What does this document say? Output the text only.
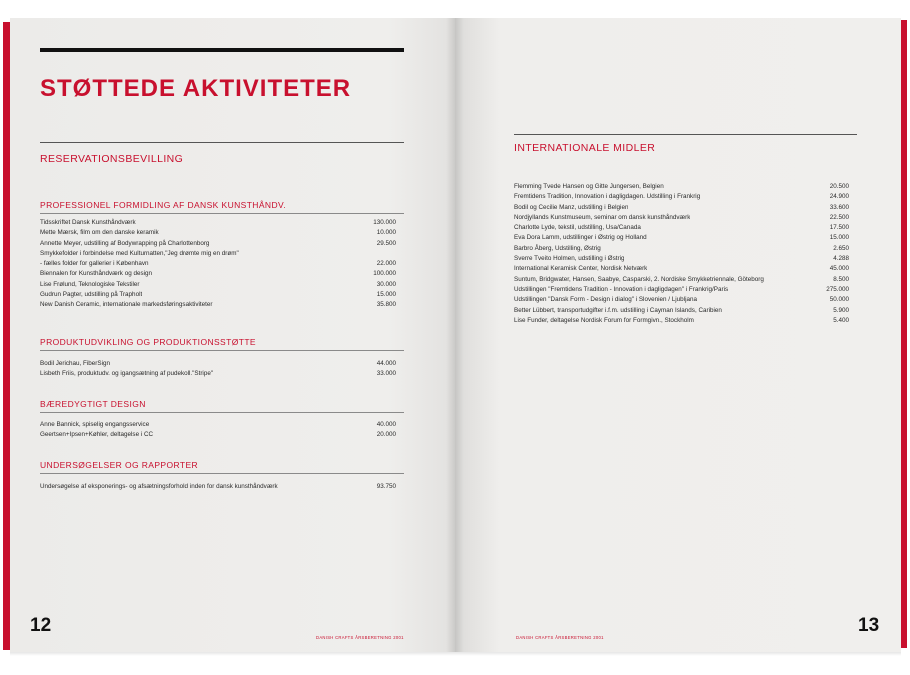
STØTTEDE AKTIVITETER
RESERVATIONSBEVILLING
PROFESSIONEL FORMIDLING AF DANSK KUNSTHÅNDV.
Tidsskriftet Dansk Kunsthåndværk	130.000
Mette Mærsk, film om den danske keramik	10.000
Annette Meyer, udstilling af Bodywrapping på Charlottenborg	29.500
Smykkefolder i forbindelse med Kulturnatten,"Jeg drømte mig en drøm"
- fælles folder for gallerier i København	22.000
Biennalen for Kunsthåndværk og design	100.000
Lise Frølund, Teknologiske Tekstiler	30.000
Gudrun Pagter, udstilling på Trapholt	15.000
New Danish Ceramic, internationale markedsføringsaktiviteter	35.800
PRODUKTUDVIKLING OG PRODUKTIONSSTØTTE
Bodil Jerichau, FiberSign	44.000
Lisbeth Friis, produktudv. og igangsætning af pudekoll."Stripe"	33.000
BÆREDYGTIGT DESIGN
Anne Bannick, spiselig engangsservice	40.000
Geertsen+Ipsen+Køhler, deltagelse i CC	20.000
UNDERSØGELSER OG RAPPORTER
Undersøgelse af eksponerings- og afsætningsforhold inden for dansk kunsthåndværk	93.750
12
DANISH CRAFTS ÅRSBERETNING 2001
INTERNATIONALE MIDLER
Flemming Tvede Hansen og Gitte Jungersen, Belgien	20.500
Fremtidens Tradition, Innovation i dagligdagen. Udstilling i Frankrig	24.900
Bodil og Cecilie Manz, udstilling i Belgien	33.600
Nordjyllands Kunstmuseum, seminar om dansk kunsthåndværk	22.500
Charlotte Lyde, tekstil, udstilling, Usa/Canada	17.500
Eva Dora Lamm, udstillinger i Østrig og Holland	15.000
Barbro Åberg, Udstilling, Østrig	2.650
Sverre Tveito Holmen, udstilling i Østrig	4.288
International Keramisk Center, Nordisk Netværk	45.000
Suntum, Bridgwater, Hansen, Saabye, Casparski, 2. Nordiske Smykketriennale, Göteborg	8.500
Udstillingen "Fremtidens Tradition - Innovation i dagligdagen" i Frankrig/Paris	275.000
Udstillingen "Dansk Form - Design i dialog" i Slovenien / Ljubljana	50.000
Better Lübbert, transportudgifter i.f.m. udstilling i Cayman Islands, Caribien	5.900
Lise Funder, deltagelse Nordisk Forum for Formgivn., Stockholm	5.400
13
DANISH CRAFTS ÅRSBERETNING 2001
